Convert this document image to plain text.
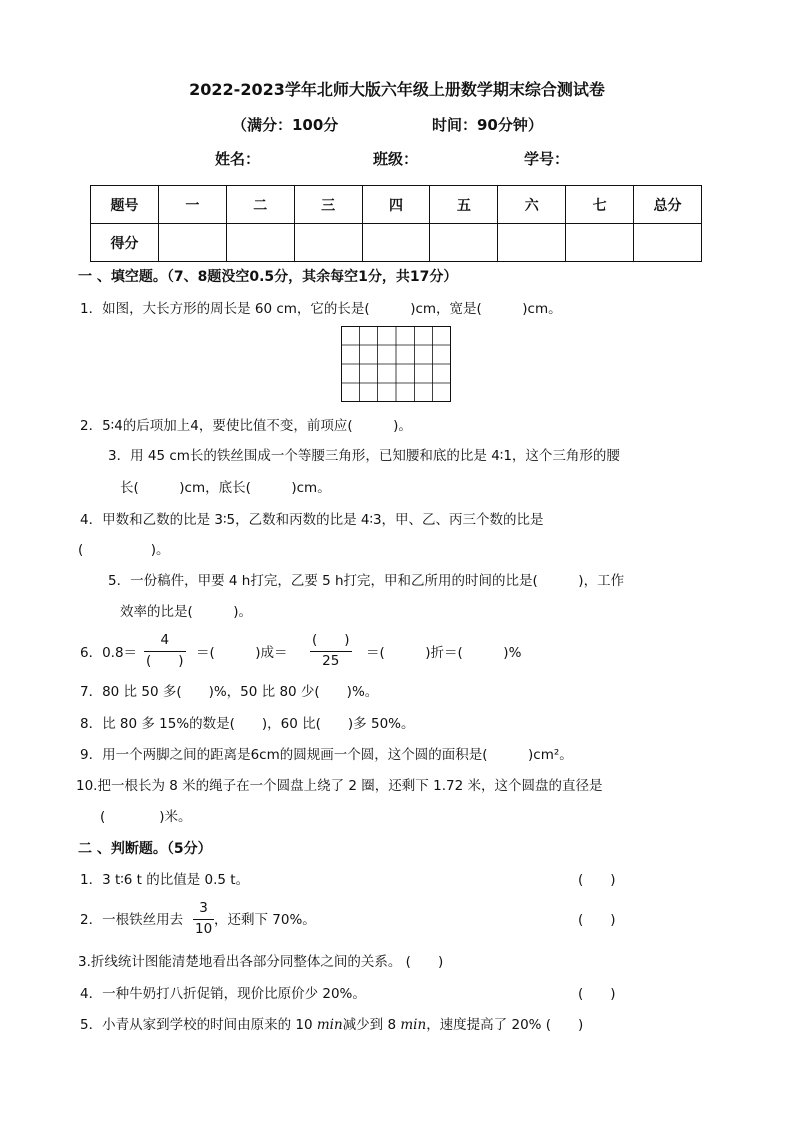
2022-2023学年北师大版六年级上册数学期末综合测试卷
（满分：100分	时间：90分钟）
姓名：	班级：	学号：
题号	一	二	三	四	五	六	七	总分
得分								
一 、填空题。（7、8题没空0.5分，其余每空1分，共17分）
1．如图，大长方形的周长是 60 cm，它的长是(　　　)cm，宽是(　　　)cm。
2．5∶4的后项加上4，要使比值不变，前项应(　　　)。
3．用 45 cm长的铁丝围成一个等腰三角形，已知腰和底的比是 4∶1，这个三角形的腰
长(　　　)cm，底长(　　　)cm。
4．甲数和乙数的比是 3∶5，乙数和丙数的比是 4∶3，甲、乙、丙三个数的比是
(　　　　　)。
5．一份稿件，甲要 4 h打完，乙要 5 h打完，甲和乙所用的时间的比是(　　　)，工作
效率的比是(　　　)。
6．0.8＝
4
(　　) ＝(　　　)成＝
(　　)
25 ＝(　　　)折＝(　　　)%
7．80 比 50 多(　　)%，50 比 80 少(　　)%。
8．比 80 多 15%的数是(　　)，60 比(　　)多 50%。
9．用一个两脚之间的距离是6cm的圆规画一个圆，这个圆的面积是(　　　)cm²。
10.把一根长为 8 米的绳子在一个圆盘上绕了 2 圈，还剩下 1.72 米，这个圆盘的直径是
(　　　　)米。
二 、判断题。（5分）
1．3 t∶6 t 的比值是 0.5 t。	(　　)
2．一根铁丝用去
3
10
，还剩下 70%。	(　　)
3.折线统计图能清楚地看出各部分同整体之间的关系。 (　　)
4．一种牛奶打八折促销，现价比原价少 20%。	(　　)
5．小青从家到学校的时间由原来的 10 min减少到 8 min，速度提高了 20% (　　)
